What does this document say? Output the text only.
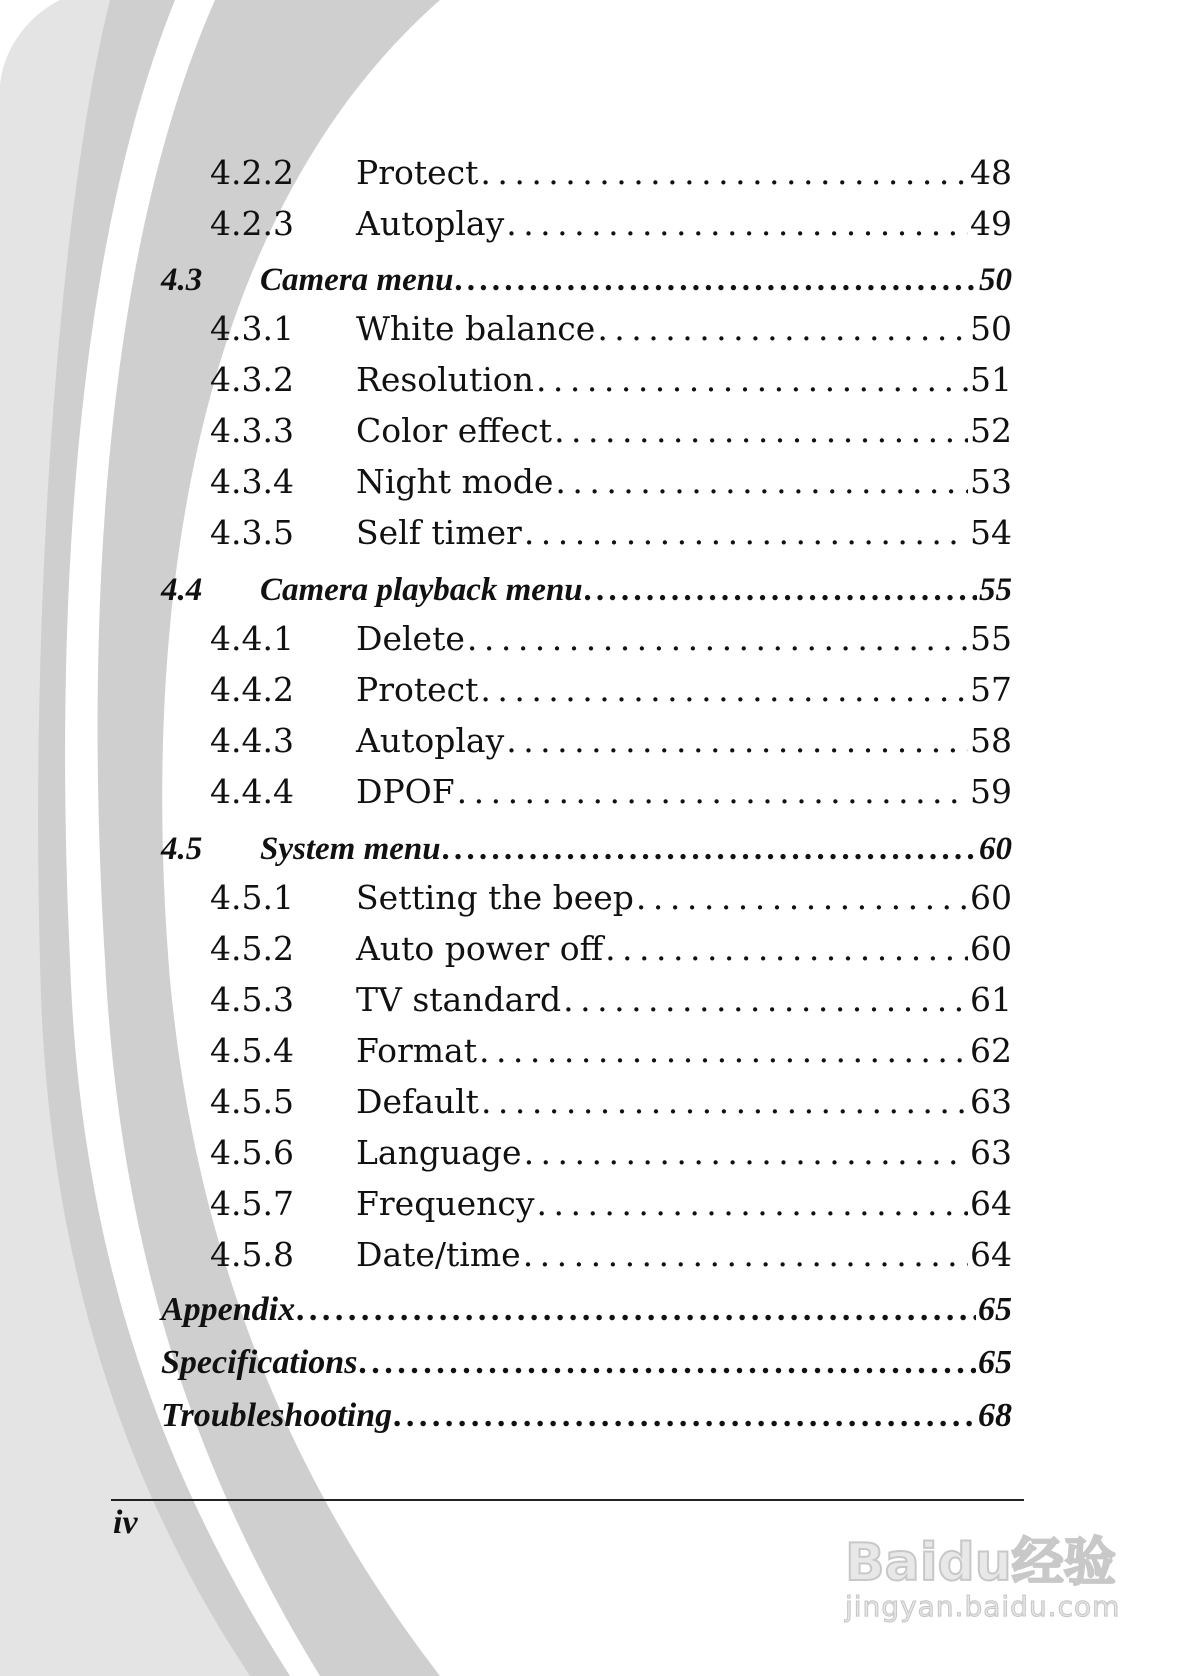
4.2.2 Protect . . .	48
4.2.3 Autoplay . . .	49
4.3 Camera menu . . .	50
4.3.1 White balance . . .	50
4.3.2 Resolution . . .	51
4.3.3 Color effect . . .	52
4.3.4 Night mode . . .	53
4.3.5 Self timer . . .	54
4.4 Camera playback menu . . .	55
4.4.1 Delete . . .	55
4.4.2 Protect . . .	57
4.4.3 Autoplay . . .	58
4.4.4 DPOF . . .	59
4.5 System menu . . .	60
4.5.1 Setting the beep . . .	60
4.5.2 Auto power off . . .	60
4.5.3 TV standard . . .	61
4.5.4 Format . . .	62
4.5.5 Default . . .	63
4.5.6 Language . . .	63
4.5.7 Frequency . . .	64
4.5.8 Date/time . . .	64
Appendix . . .	65
Specifications . . .	65
Troubleshooting . . .	68
iv
Baidu经验
jingyan.baidu.com
